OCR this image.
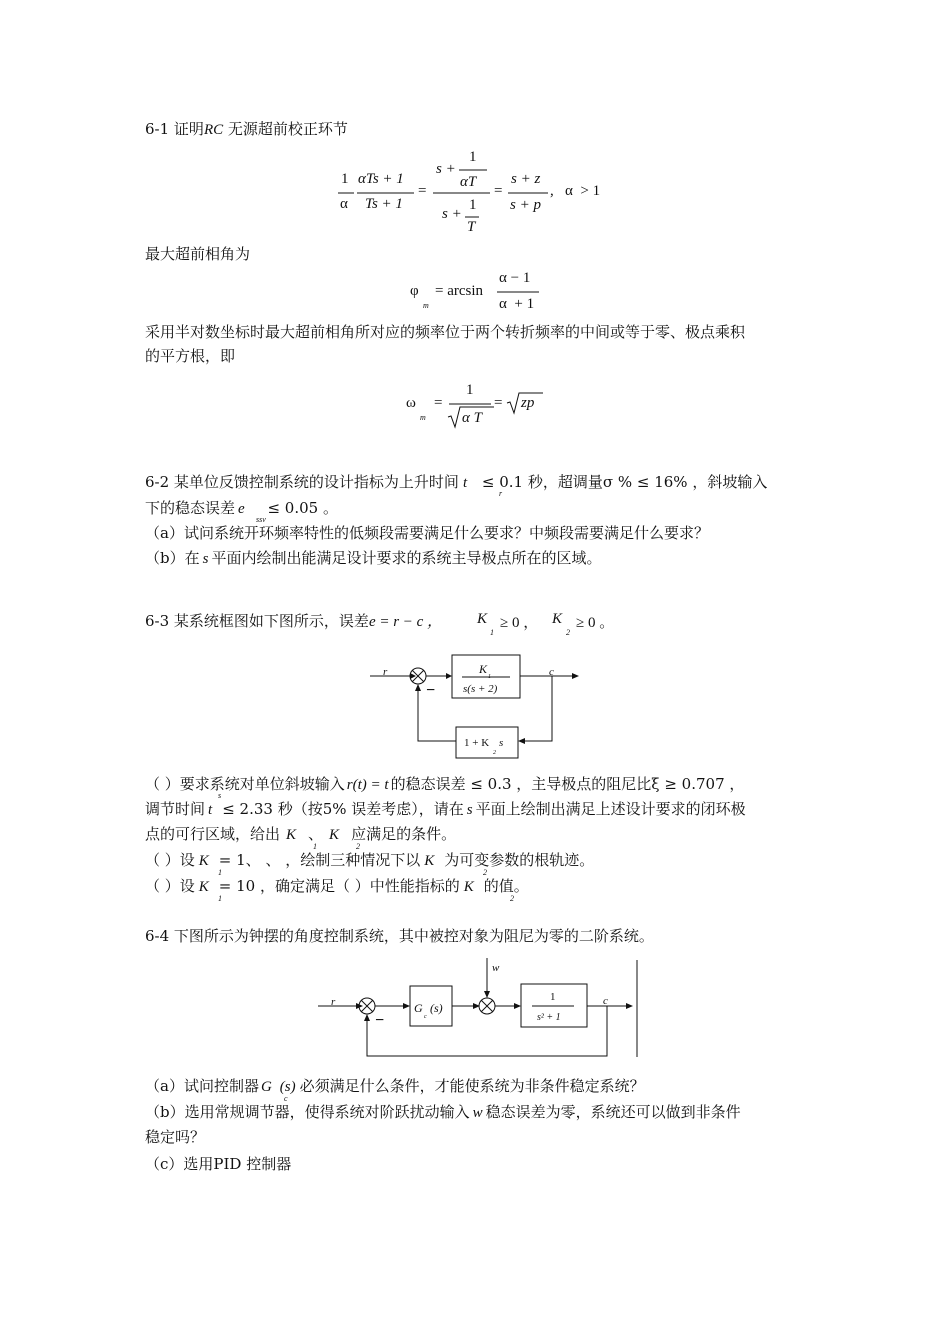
6-1 证明RC 无源超前校正环节
1
α
αTs + 1
Ts + 1
=
1
s +
αT
s +
1
T
=
s + z
s + p
,   α  > 1
最大超前相角为
φ
m
= arcsin
α − 1
α  + 1
采用半对数坐标时最大超前相角所对应的频率位于两个转折频率的中间或等于零、极点乘积
的平方根，即
ω
m
=
1
α T
= zp
6-2 某单位反馈控制系统的设计指标为上升时间 t ≤ 0.1 秒，超调量σ % ≤ 16% ，斜坡输入
r
下的稳态误差 e ≤ 0.05 。
ssv
（a）试问系统开环频率特性的低频段需要满足什么要求？中频段需要满足什么要求？
（b）在 s 平面内绘制出能满足设计要求的系统主导极点所在的区域。
6-3 某系统框图如下图所示，误差e = r − c ， K
1
≥ 0 ， K
2
≥ 0 。
r
−
K
1
s(s + 2)
c
1 + K
2
s
（ ）要求系统对单位斜坡输入 r(t) = t 的稳态误差 ≤ 0.3 ，主导极点的阻尼比ξ ≥ 0.707 ，
调节时间 t ≤ 2.33 秒（按5% 误差考虑），请在 s 平面上绘制出满足上述设计要求的闭环极
s
点的可行区域，给出 K 、 K 应满足的条件。
1	2
（ ）设 K = 1、 、 ，绘制三种情况下以 K 为可变参数的根轨迹。
1	2
（ ）设 K = 10 ，确定满足（ ）中性能指标的 K 的值。
1	2
6-4 下图所示为钟摆的角度控制系统，其中被控对象为阻尼为零的二阶系统。
r
−
G
c
(s)
w
1
s² + 1
c
（a）试问控制器 G (s) 必须满足什么条件，才能使系统为非条件稳定系统？
c
（b）选用常规调节器，使得系统对阶跃扰动输入 w 稳态误差为零，系统还可以做到非条件
稳定吗？
（c）选用PID 控制器
